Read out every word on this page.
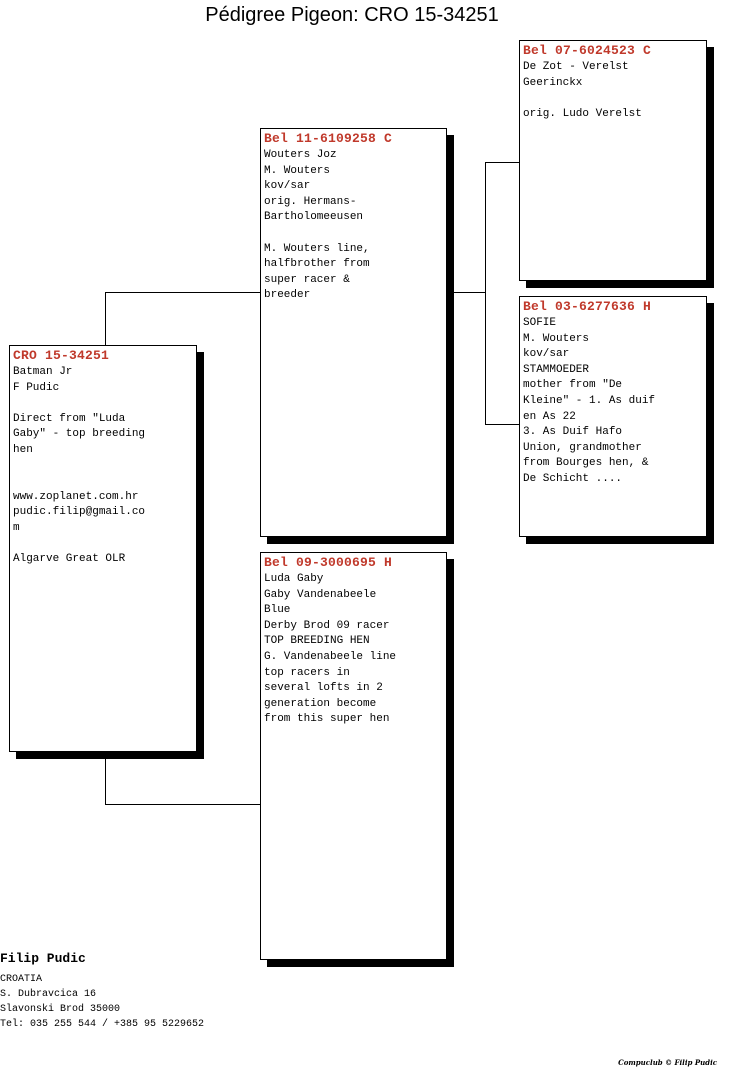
Pédigree Pigeon: CRO 15-34251
CRO 15-34251
Batman Jr
F Pudic
Direct from "Luda
Gaby" - top breeding
hen
www.zoplanet.com.hr
pudic.filip@gmail.co
m
Algarve Great OLR
Bel 11-6109258 C
Wouters Joz
M. Wouters
kov/sar
orig. Hermans-
Bartholomeeusen
M. Wouters line,
halfbrother from
super racer &
breeder
Bel 09-3000695 H
Luda Gaby
Gaby Vandenabeele
Blue
Derby Brod 09 racer
TOP BREEDING HEN
G. Vandenabeele line
top racers in
several lofts in 2
generation become
from this super hen
Bel 07-6024523 C
De Zot - Verelst
Geerinckx
orig. Ludo Verelst
Bel 03-6277636 H
SOFIE
M. Wouters
kov/sar
STAMMOEDER
mother from "De
Kleine" - 1. As duif
en As 22
3. As Duif Hafo
Union, grandmother
from Bourges hen, &
De Schicht ....
Filip Pudic
CROATIA
S. Dubravcica 16
Slavonski Brod 35000
Tel: 035 255 544 / +385 95 5229652
Compuclub © Filip Pudic
